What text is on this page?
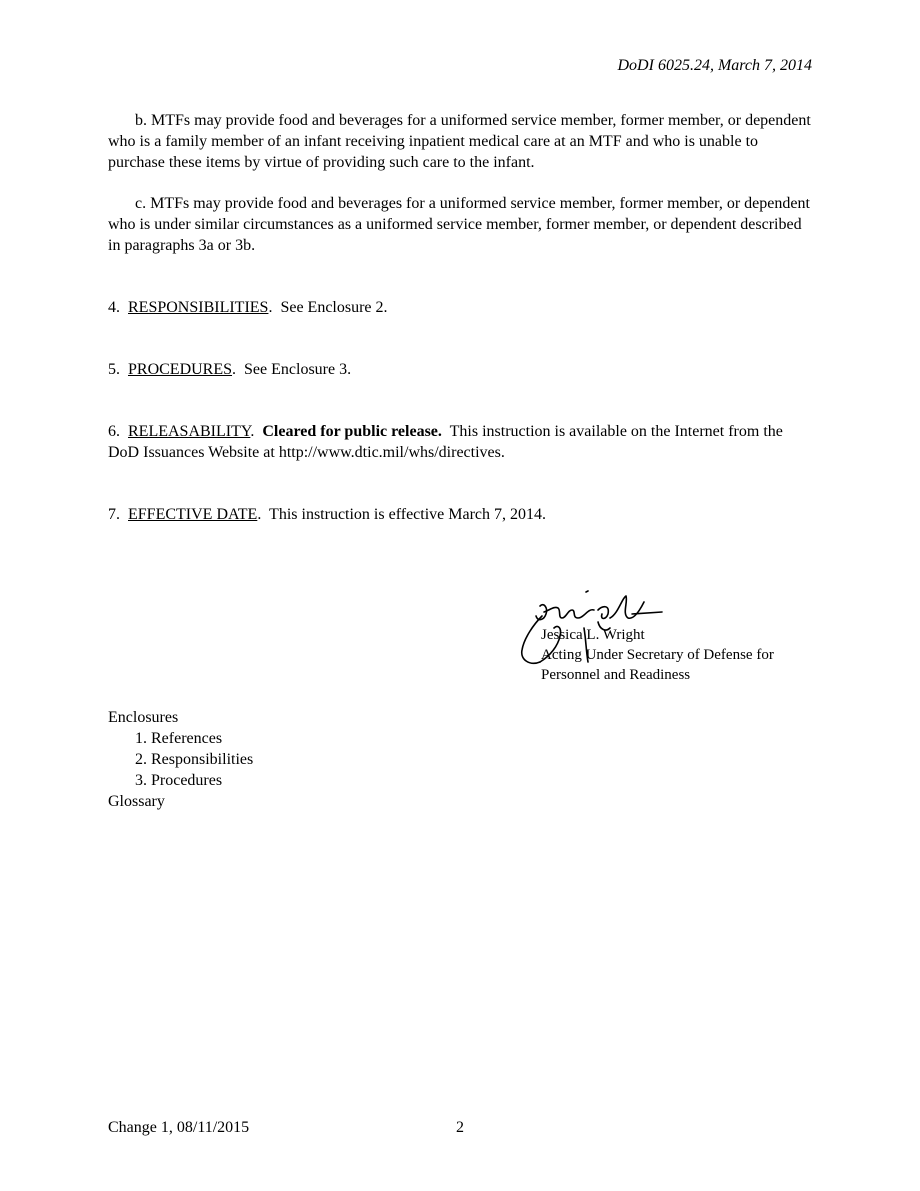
DoDI 6025.24, March 7, 2014

b. MTFs may provide food and beverages for a uniformed service member, former member, or dependent who is a family member of an infant receiving inpatient medical care at an MTF and who is unable to purchase these items by virtue of providing such care to the infant.

c. MTFs may provide food and beverages for a uniformed service member, former member, or dependent who is under similar circumstances as a uniformed service member, former member, or dependent described in paragraphs 3a or 3b.

4. RESPONSIBILITIES.  See Enclosure 2.

5. PROCEDURES.  See Enclosure 3.

6. RELEASABILITY.  Cleared for public release. This instruction is available on the Internet from the DoD Issuances Website at http://www.dtic.mil/whs/directives.

7. EFFECTIVE DATE.  This instruction is effective March 7, 2014.

Jessica L. Wright
Acting Under Secretary of Defense for
Personnel and Readiness
Enclosures
1. References
2. Responsibilities
3. Procedures
Glossary
Change 1, 08/11/2015	2
